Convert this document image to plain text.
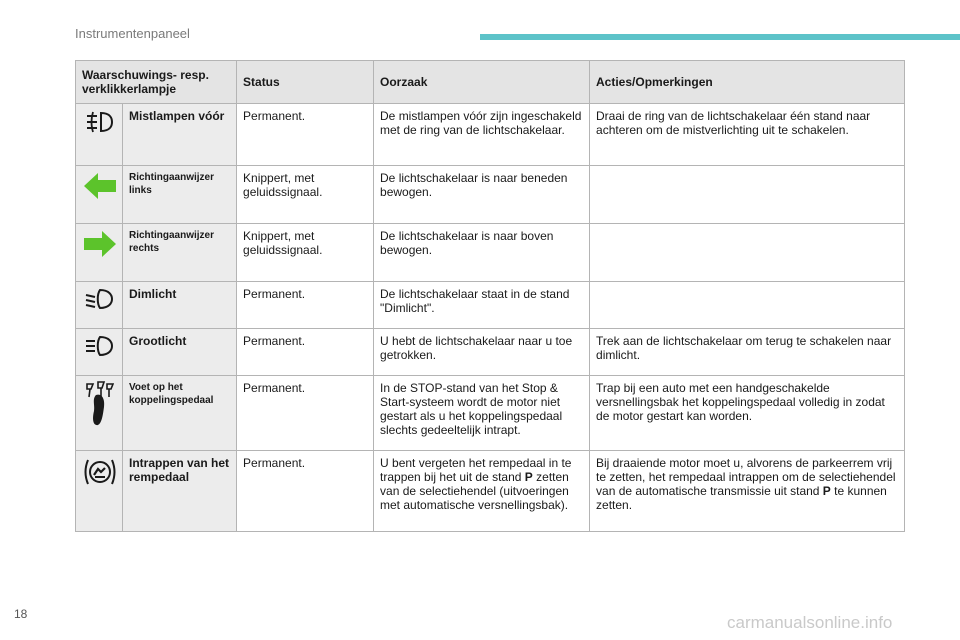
Instrumentenpaneel
Waarschuwings- resp. verklikkerlampje		Status	Oorzaak	Acties/Opmerkingen

	Mistlampen vóór	Permanent.	De mistlampen vóór zijn ingeschakeld met de ring van de lichtschakelaar.	Draai de ring van de lichtschakelaar één stand naar achteren om de mistverlichting uit te schakelen.

	Richtingaanwijzer links	Knippert, met geluidssignaal.	De lichtschakelaar is naar beneden bewogen.	

	Richtingaanwijzer rechts	Knippert, met geluidssignaal.	De lichtschakelaar is naar boven bewogen.	

	Dimlicht	Permanent.	De lichtschakelaar staat in de stand "Dimlicht".	

	Grootlicht	Permanent.	U hebt de lichtschakelaar naar u toe getrokken.	Trek aan de lichtschakelaar om terug te schakelen naar dimlicht.

	Voet op het koppelingspedaal	Permanent.	In de STOP-stand van het Stop & Start-systeem wordt de motor niet gestart als u het koppelingspedaal slechts gedeeltelijk intrapt.	Trap bij een auto met een handgeschakelde versnellingsbak het koppelingspedaal volledig in zodat de motor gestart kan worden.

	Intrappen van het rempedaal	Permanent.	U bent vergeten het rempedaal in te trappen bij het uit de stand P zetten van de selectiehendel (uitvoeringen met automatische versnellingsbak).	Bij draaiende motor moet u, alvorens de parkeerrem vrij te zetten, het rempedaal intrappen om de selectiehendel van de automatische transmissie uit stand P te kunnen zetten.
18	carmanualsonline.info
